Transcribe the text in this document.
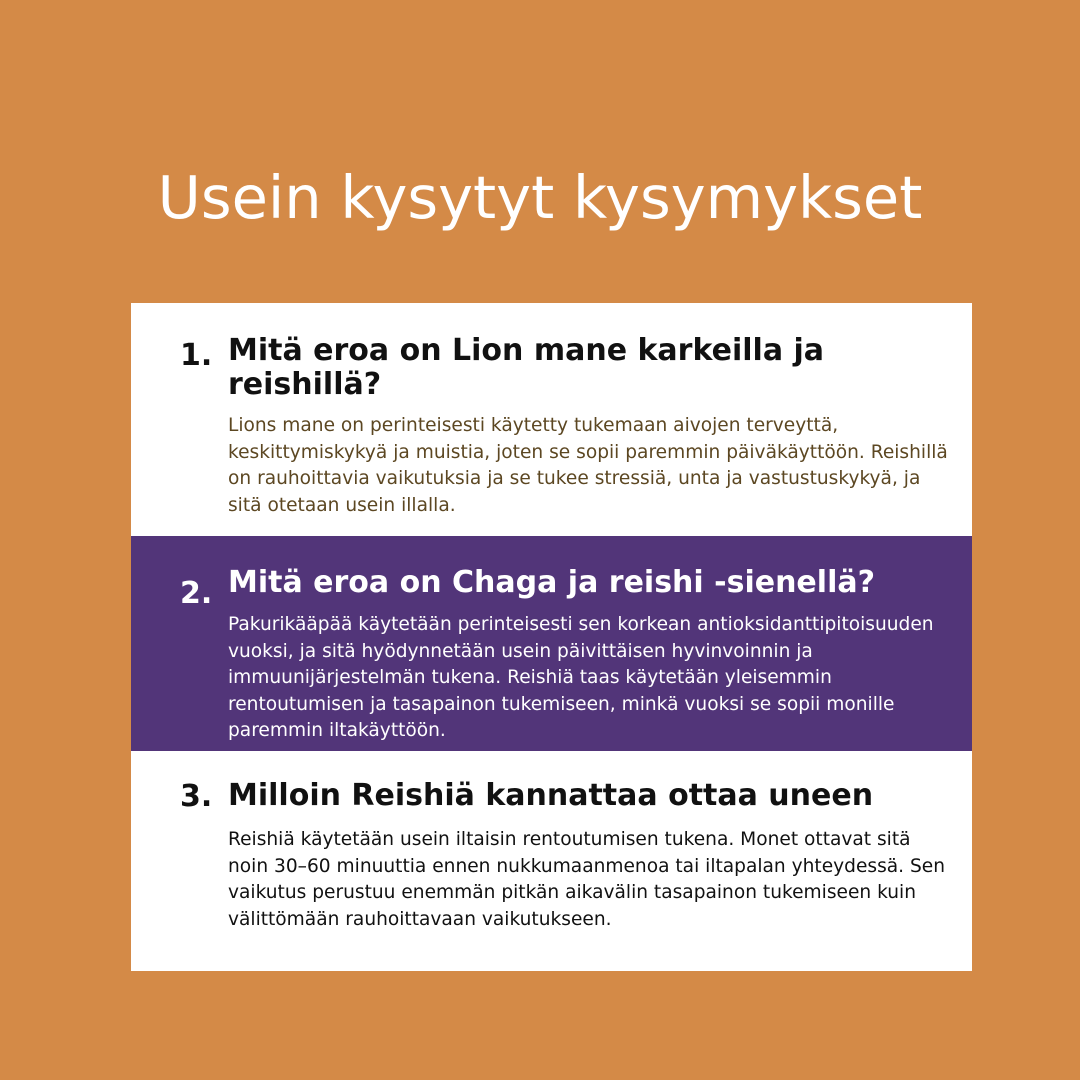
Usein kysytyt kysymykset
1. Mitä eroa on Lion mane karkeilla ja reishillä?
Lions mane on perinteisesti käytetty tukemaan aivojen terveyttä, keskittymiskykyä ja muistia, joten se sopii paremmin päiväkäyttöön. Reishillä on rauhoittavia vaikutuksia ja se tukee stressiä, unta ja vastustuskykyä, ja sitä otetaan usein illalla.
2. Mitä eroa on Chaga ja reishi -sienellä?
Pakurikääpää käytetään perinteisesti sen korkean antioksidanttipitoisuuden vuoksi, ja sitä hyödynnetään usein päivittäisen hyvinvoinnin ja immuunijärjestelmän tukena. Reishiä taas käytetään yleisemmin rentoutumisen ja tasapainon tukemiseen, minkä vuoksi se sopii monille paremmin iltakäyttöön.
3. Milloin Reishiä kannattaa ottaa uneen
Reishiä käytetään usein iltaisin rentoutumisen tukena. Monet ottavat sitä noin 30–60 minuuttia ennen nukkumaanmenoa tai iltapalan yhteydessä. Sen vaikutus perustuu enemmän pitkän aikavälin tasapainon tukemiseen kuin välittömään rauhoittavaan vaikutukseen.
